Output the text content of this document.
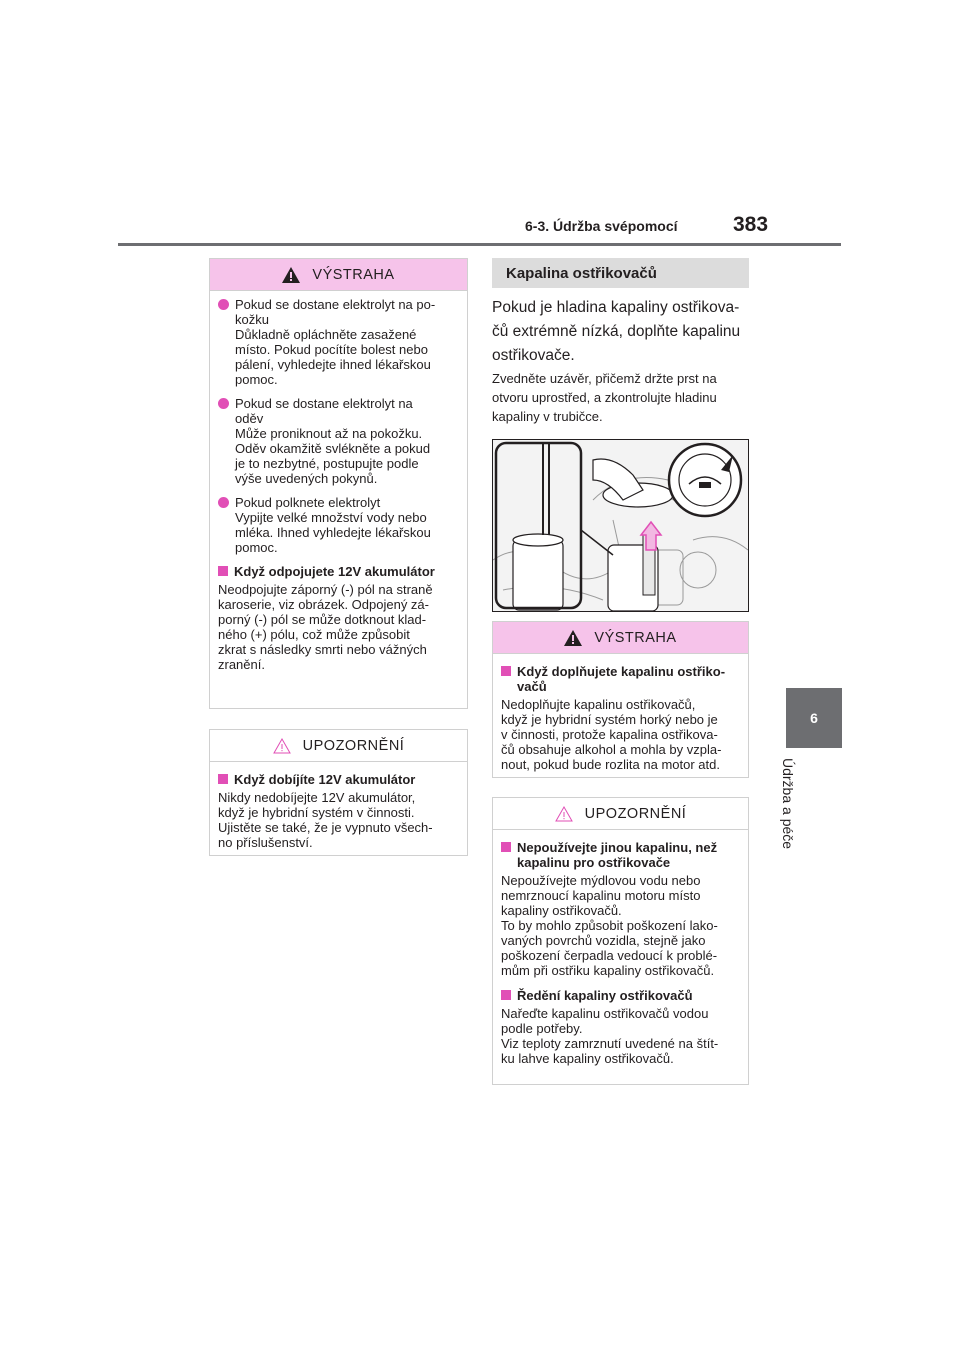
6-3. Údržba svépomocí	383
6
Údržba a péče
VÝSTRAHA
Pokud se dostane elektrolyt na po-
kožku
Důkladně opláchněte zasažené
místo. Pokud pocítíte bolest nebo
pálení, vyhledejte ihned lékařskou
pomoc.
Pokud se dostane elektrolyt na
oděv
Může proniknout až na pokožku.
Oděv okamžitě svlékněte a pokud
je to nezbytné, postupujte podle
výše uvedených pokynů.
Pokud polknete elektrolyt
Vypijte velké množství vody nebo
mléka. Ihned vyhledejte lékařskou
pomoc.
Když odpojujete 12V akumulátor
Neodpojujte záporný (-) pól na straně
karoserie, viz obrázek. Odpojený zá-
porný (-) pól se může dotknout klad-
ného (+) pólu, což může způsobit
zkrat s následky smrti nebo vážných
zranění.
UPOZORNĚNÍ
Když dobíjíte 12V akumulátor
Nikdy nedobíjejte 12V akumulátor,
když je hybridní systém v činnosti.
Ujistěte se také, že je vypnuto všech-
no příslušenství.
Kapalina ostřikovačů
Pokud je hladina kapaliny ostřikova-
čů extrémně nízká, doplňte kapalinu
ostřikovače.
Zvedněte uzávěr, přičemž držte prst na
otvoru uprostřed, a zkontrolujte hladinu
kapaliny v trubičce.
VÝSTRAHA
Když doplňujete kapalinu ostřiko-
vačů
Nedoplňujte kapalinu ostřikovačů,
když je hybridní systém horký nebo je
v činnosti, protože kapalina ostřikova-
čů obsahuje alkohol a mohla by vzpla-
nout, pokud bude rozlita na motor atd.
UPOZORNĚNÍ
Nepoužívejte jinou kapalinu, než
kapalinu pro ostřikovače
Nepoužívejte mýdlovou vodu nebo
nemrznoucí kapalinu motoru místo
kapaliny ostřikovačů.
To by mohlo způsobit poškození lako-
vaných povrchů vozidla, stejně jako
poškození čerpadla vedoucí k problé-
mům při ostřiku kapaliny ostřikovačů.
Ředění kapaliny ostřikovačů
Nařeďte kapalinu ostřikovačů vodou
podle potřeby.
Viz teploty zamrznutí uvedené na štít-
ku lahve kapaliny ostřikovačů.
